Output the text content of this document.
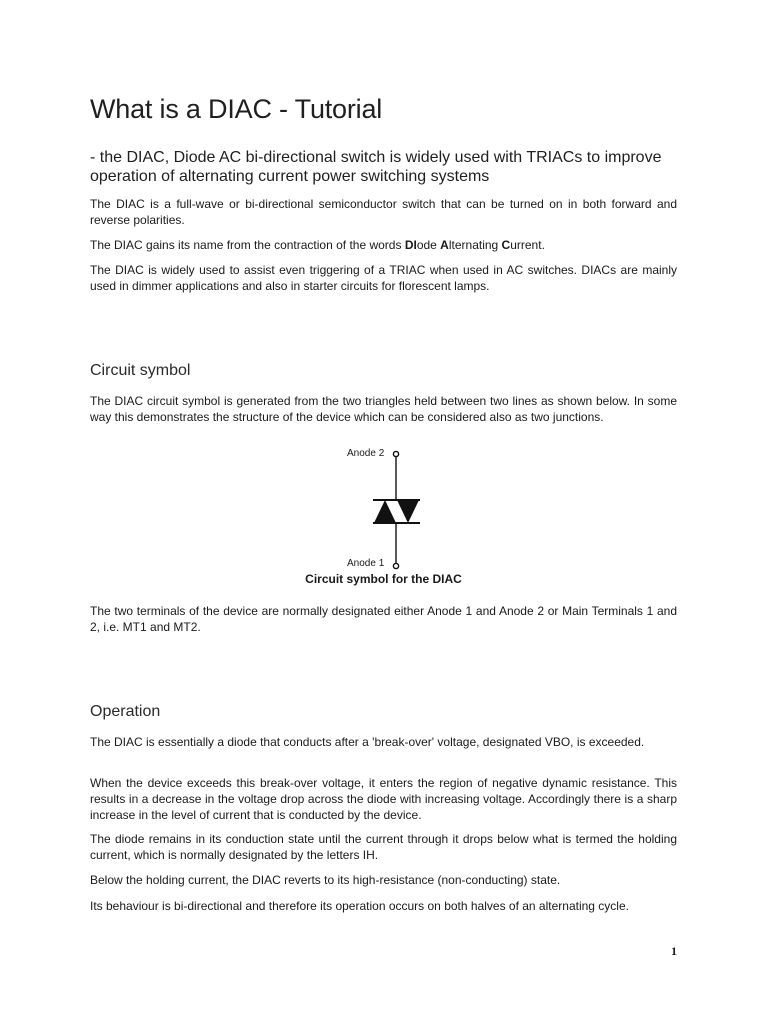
What is a DIAC - Tutorial

- the DIAC, Diode AC bi-directional switch is widely used with TRIACs to improve operation of alternating current power switching systems

The DIAC is a full-wave or bi-directional semiconductor switch that can be turned on in both forward and reverse polarities.

The DIAC gains its name from the contraction of the words DIode Alternating Current.

The DIAC is widely used to assist even triggering of a TRIAC when used in AC switches. DIACs are mainly used in dimmer applications and also in starter circuits for florescent lamps.

Circuit symbol

The DIAC circuit symbol is generated from the two triangles held between two lines as shown below. In some way this demonstrates the structure of the device which can be considered also as two junctions.

Anode 2
Anode 1

Circuit symbol for the DIAC

The two terminals of the device are normally designated either Anode 1 and Anode 2 or Main Terminals 1 and 2, i.e. MT1 and MT2.

Operation

The DIAC is essentially a diode that conducts after a 'break-over' voltage, designated VBO, is exceeded.

When the device exceeds this break-over voltage, it enters the region of negative dynamic resistance. This results in a decrease in the voltage drop across the diode with increasing voltage. Accordingly there is a sharp increase in the level of current that is conducted by the device.

The diode remains in its conduction state until the current through it drops below what is termed the holding current, which is normally designated by the letters IH.

Below the holding current, the DIAC reverts to its high-resistance (non-conducting) state.

Its behaviour is bi-directional and therefore its operation occurs on both halves of an alternating cycle.

1
